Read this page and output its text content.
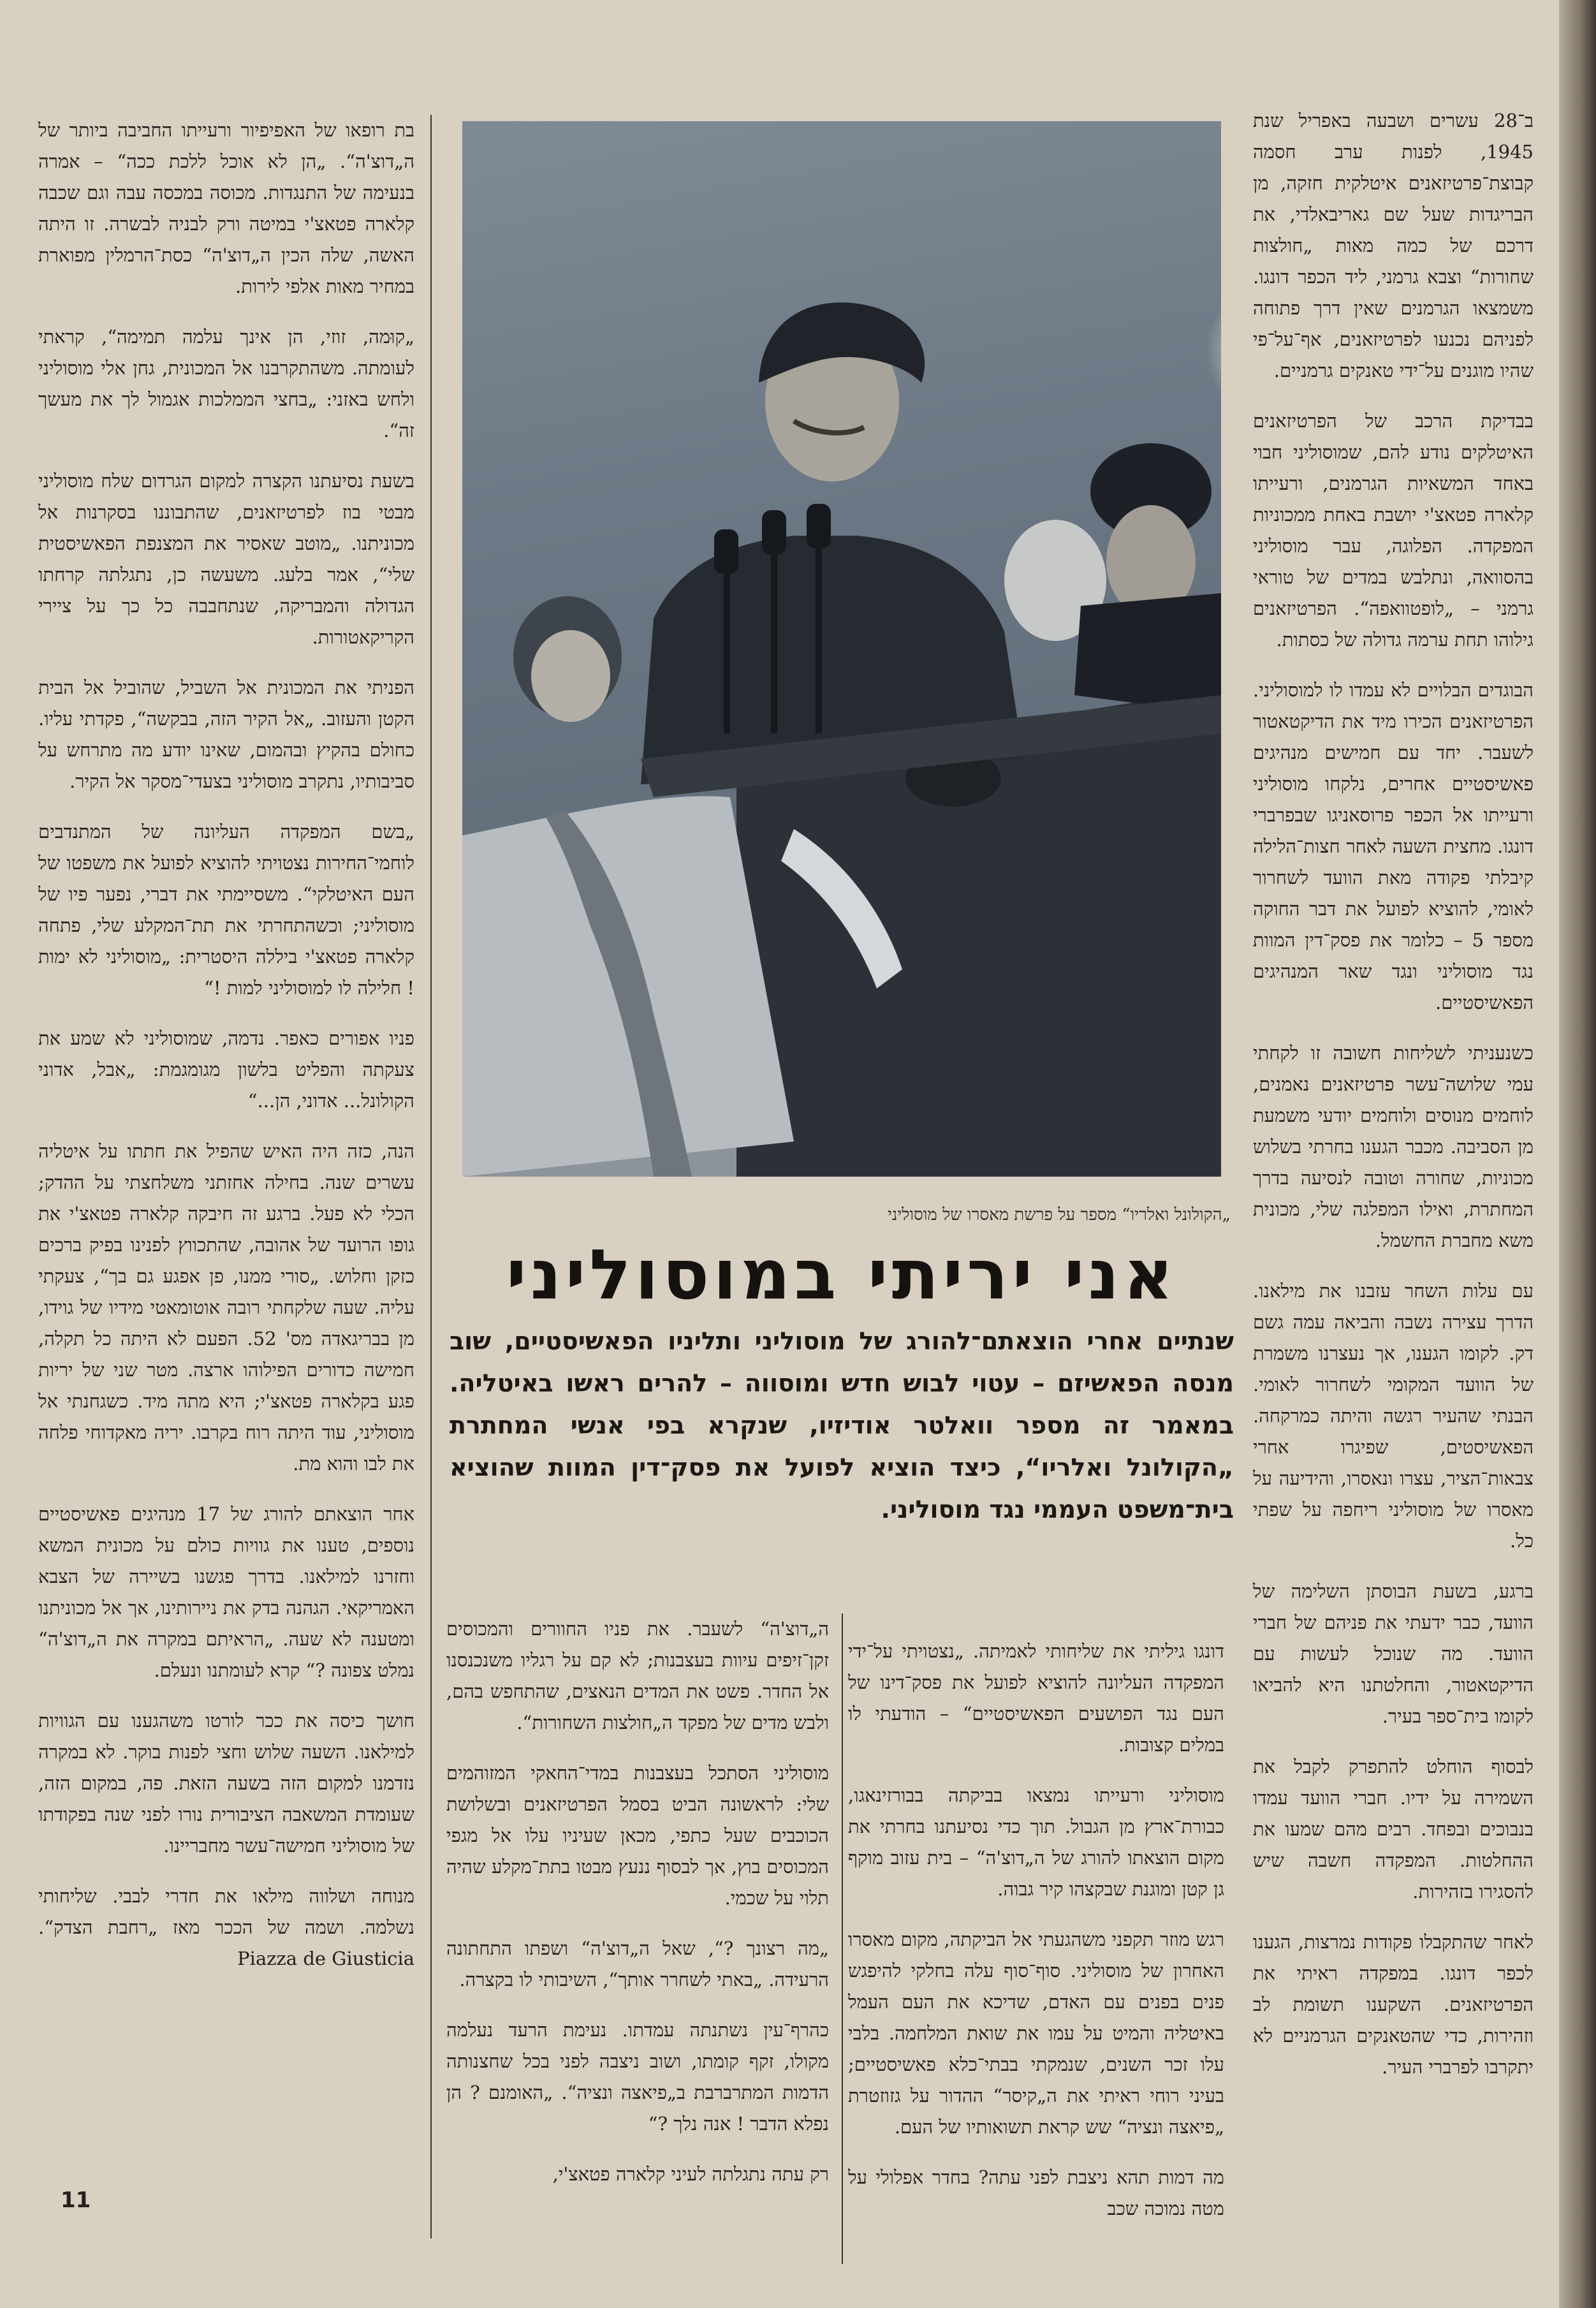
ב־28 עשרים ושבעה באפריל שנת 1945, לפנות ערב חסמה קבוצת־פרטיזאנים איטלקית חזקה, מן הבריגדות שעל שם גאריבאלדי, את דרכם של כמה מאות „חולצות שחורות“ וצבא גרמני, ליד הכפר דונגו. משמצאו הגרמנים שאין דרך פתוחה לפניהם נכנעו לפרטיזאנים, אף־על־פי שהיו מוגנים על־ידי טאנקים גרמניים.

בבדיקת הרכב של הפרטיזאנים האיטלקים נודע להם, שמוסוליני חבוי באחד המשאיות הגרמנים, ורעייתו קלארה פטאצ'י יושבת באחת ממכוניות המפקדה. הפלוגה, עבר מוסוליני בהסוואה, ונתלבש במדים של טוראי גרמני – „לופטוואפה“. הפרטיזאנים גילוהו תחת ערמה גדולה של כסתות.

הבוגדים הבלויים לא עמדו לו למוסוליני. הפרטיזאנים הכירו מיד את הדיקטאטור לשעבר. יחד עם חמישים מנהיגים פאשיסטיים אחרים, נלקחו מוסוליני ורעייתו אל הכפר פרוסאניגו שבפרברי דונגו. מחצית השעה לאחר חצות־הלילה קיבלתי פקודה מאת הוועד לשחרור לאומי, להוציא לפועל את דבר החוקה מספר 5 – כלומר את פסק־דין המוות נגד מוסוליני ונגד שאר המנהיגים הפאשיסטיים.

כשנעניתי לשליחות חשובה זו לקחתי עמי שלושה־עשר פרטיזאנים נאמנים, לוחמים מנוסים ולוחמים יודעי משמעת מן הסביבה. מכבר הגענו בחרתי בשלוש מכוניות, שחורה וטובה לנסיעה בדרך המחתרת, ואילו המפלגה שלי, מכונית משא מחברת החשמל.

עם עלות השחר עזבנו את מילאנו. הדרך עצירה נשבה והביאה עמה גשם דק. לקומו הגענו, אך נעצרנו משמרת של הוועד המקומי לשחרור לאומי. הבנתי שהעיר רגשה והיתה כמרקחה. הפאשיסטים, שפיגרו אחרי צבאות־הציר, עצרו ונאסרו, והידיעה על מאסרו של מוסוליני ריחפה על שפתי כל.

ברגע, בשעת הבוסתן השלימה של הוועד, כבר ידעתי את פניהם של חברי הוועד. מה שנוכל לעשות עם הדיקטאטור, והחלטתנו היא להביאו לקומו בית־ספר בעיר.

לבסוף הוחלט להתפרק לקבל את השמירה על ידיו. חברי הוועד עמדו בנבוכים ובפחד. רבים מהם שמעו את ההחלטות. המפקדה חשבה שיש להסגירו בזהירות.

לאחר שהתקבלו פקודות נמרצות, הגענו לכפר דונגו. במפקדה ראיתי את הפרטיזאנים. השקענו תשומת לב וזהירות, כדי שהטאנקים הגרמניים לא יתקרבו לפרברי העיר.

„הקולונל ואלריו“ מספר על פרשת מאסרו של מוסוליני
אני יריתי במוסוליני
שנתיים אחרי הוצאתם־להורג של מוסוליני ותליניו הפאשיסטיים, שוב מנסה הפאשיזם – עטוי לבוש חדש ומוסווה – להרים ראשו באיטליה. במאמר זה מספר וואלטר אודיזיו, שנקרא בפי אנשי המחתרת „הקולונל ואלריו“, כיצד הוציא לפועל את פסק־דין המוות שהוציא בית־משפט העממי נגד מוסוליני.

דונגו גיליתי את שליחותי לאמיתה. „נצטויתי על־ידי המפקדה העליונה להוציא לפועל את פסק־דינו של העם נגד הפושעים הפאשיסטיים“ – הודעתי לו במלים קצובות.

מוסוליני ורעייתו נמצאו בביקתה בבורזינאגו, כבורת־ארץ מן הגבול. תוך כדי נסיעתנו בחרתי את מקום הוצאתו להורג של ה„דוצ'ה“ – בית עזוב מוקף גן קטן ומוגנת שבקצהו קיר גבוה.

רגש מוזר תקפני משהגעתי אל הביקתה, מקום מאסרו האחרון של מוסוליני. סוף־סוף עלה בחלקי להיפגש פנים בפנים עם האדם, שדיכא את העם העמל באיטליה והמיט על עמו את שואת המלחמה. בלבי עלו זכר השנים, שנמקתי בבתי־כלא פאשיסטיים; בעיני רוחי ראיתי את ה„קיסר“ ההדור על גזוזטרת „פיאצה ונציה“ שש קראת תשואותיו של העם.

מה דמות תהא ניצבת לפני עתה? בחדר אפלולי על מטה נמוכה שכב

ה„דוצ'ה“ לשעבר. את פניו החוורים והמכוסים זקן־זיפים עיוות בעצבנות; לא קם על רגליו משנכנסנו אל החדר. פשט את המדים הנאצים, שהתחפש בהם, ולבש מדים של מפקד ה„חולצות השחורות“.

מוסוליני הסתכל בעצבנות במדי־החאקי המזוהמים שלי: לראשונה הביט בסמל הפרטיזאנים ובשלושת הכוכבים שעל כתפי, מכאן שעיניו עלו אל מגפי המכוסים בוץ, אך לבסוף ננעץ מבטו בתת־מקלע שהיה תלוי על שכמי.

„מה רצונך ?“, שאל ה„דוצ'ה“ ושפתו התחתונה הרעידה. „באתי לשחרר אותך“, השיבותי לו בקצרה.

כהרף־עין נשתנתה עמדתו. נעימת הרעד נעלמה מקולו, זקף קומתו, ושוב ניצבה לפני בכל שחצנותה הדמות המתרברבת ב„פיאצה ונציה“. „האומנם ? הן נפלא הדבר ! אנה נלך ?“

רק עתה נתגלתה לעיני קלארה פטאצ'י,

בת רופאו של האפיפיור ורעייתו החביבה ביותר של ה„דוצ'ה“. „הן לא אוכל ללכת ככה“ – אמרה בנעימה של התנגדות. מכוסה במכסה עבה וגם שכבה קלארה פטאצ'י במיטה ורק לבניה לבשרה. זו היתה האשה, שלה הכין ה„דוצ'ה“ כסת־הרמלין מפוארת במחיר מאות אלפי לירות.

„קוּמה, זוזי, הן אינך עלמה תמימה“, קראתי לעומתה. משהתקרבנו אל המכונית, גחן אלי מוסוליני ולחש באזני: „בחצי הממלכות אגמול לך את מעשך זה“.

בשעת נסיעתנו הקצרה למקום הגרדום שלח מוסוליני מבטי בוז לפרטיזאנים, שהתבוננו בסקרנות אל מכוניתנו. „מוטב שאסיר את המצנפת הפאשיסטית שלי“, אמר בלעג. משעשה כן, נתגלתה קרחתו הגדולה והמבריקה, שנתחבבה כל כך על ציירי הקריקאטורות.

הפניתי את המכונית אל השביל, שהוביל אל הבית הקטן והעזוב. „אל הקיר הזה, בבקשה“, פקדתי עליו. כחולם בהקיץ ובהמום, שאינו יודע מה מתרחש על סביבותיו, נתקרב מוסוליני בצעדי־מסקר אל הקיר.

„בשם המפקדה העליונה של המתנדבים לוחמי־החירות נצטויתי להוציא לפועל את משפטו של העם האיטלקי“. משסיימתי את דברי, נפער פיו של מוסוליני; וכשהתחרתי את תת־המקלע שלי, פתחה קלארה פטאצ'י ביללה היסטרית: „מוסוליני לא ימות ! חלילה לו למוסוליני למות !“

פניו אפורים כאפר. נדמה, שמוסוליני לא שמע את צעקתה והפליט בלשון מגומגמת: „אבל, אדוני הקולונל... אדוני, הן...“

הנה, כזה היה האיש שהפיל את חתתו על איטליה עשרים שנה. בחילה אחזתני משלחצתי על ההדק; הכלי לא פעל. ברגע זה חיבקה קלארה פטאצ'י את גופו הרועד של אהובה, שהתכווץ לפנינו בפיק ברכים כזקן וחלוש. „סורי ממנו, פן אפגע גם בך“, צעקתי עליה. שעה שלקחתי רובה אוטומאטי מידיו של גוידו, מן בבריגאדה מס' 52. הפעם לא היתה כל תקלה, חמישה כדורים הפילוהו ארצה. מטר שני של יריות פגע בקלארה פטאצ'י; היא מתה מיד. כשגחנתי אל מוסוליני, עוד היתה רוח בקרבו. יריה מאקדוחי פלחה את לבו והוא מת.

אחר הוצאתם להורג של 17 מנהיגים פאשיסטיים נוספים, טענו את גוויות כולם על מכונית המשא וחזרנו למילאנו. בדרך פגשנו בשיירה של הצבא האמריקאי. הגהנה בדק את ניירותינו, אך אל מכוניתנו ומטענה לא שעה. „הראיתם במקרה את ה„דוצ'ה“ נמלט צפונה ?“ קרא לעומתנו ונעלם.

חושך כיסה את ככר לורטו משהגענו עם הגוויות למילאנו. השעה שלוש וחצי לפנות בוקר. לא במקרה נזדמנו למקום הזה בשעה הזאת. פה, במקום הזה, שעומדת המשאבה הציבורית נורו לפני שנה בפקודתו של מוסוליני חמישה־עשר מחבריינו.

מנוחה ושלווה מילאו את חדרי לבבי. שליחותי נשלמה. ושמה של הככר מאז „רחבת הצדק“. Piazza de Giusticia

11
